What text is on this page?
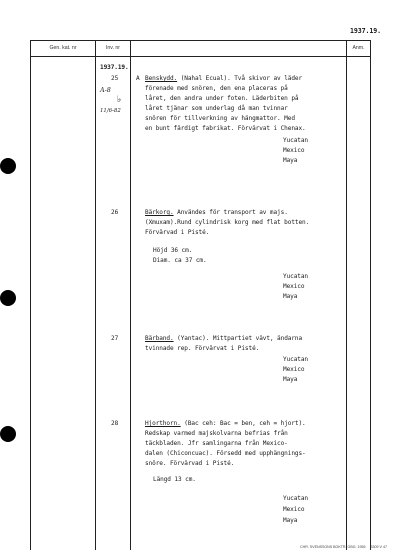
1937.19.
Gen. kat. nr	Inv. nr	Anm.
1937.19.
25	A
A-8
11/6-82
♭
Benskydd. (Nahal Ecual). Två skivor av läder
förenade med snören, den ena placeras på
låret, den andra under foten. Läderbiten på
låret tjänar som underlag då man tvinnar
snören för tillverkning av hängmattor. Med
en bunt färdigt fabrikat. Förvärvat i Chenax.
Yucatan
Mexico
Maya
26	Bärkorg. Användes för transport av majs.
(Xmuxam).Rund cylindrisk korg med flat botten.
Förvärvad i Pisté.
Höjd 36 cm.
Diam. ca 37 cm.
Yucatan
Mexico
Maya
27	Bärband. (Yantac). Mittpartiet vävt, ändarna
tvinnade rep. Förvärvat i Pisté.
Yucatan
Mexico
Maya
28	Hjorthorn. (Bac ceh: Bac = ben, ceh = hjort).
Redskap varmed majskolvarna befrias från
täckbladen. Jfr samlingarna från Mexico-
dalen (Chiconcuac). Försedd med upphängnings-
snöre. Förvärvad i Pisté.
Längd 13 cm.
Yucatan
Mexico
Maya
CHR. SVENSSONS BOKTR. GBG. 1955 3309 Ⅴ 47
